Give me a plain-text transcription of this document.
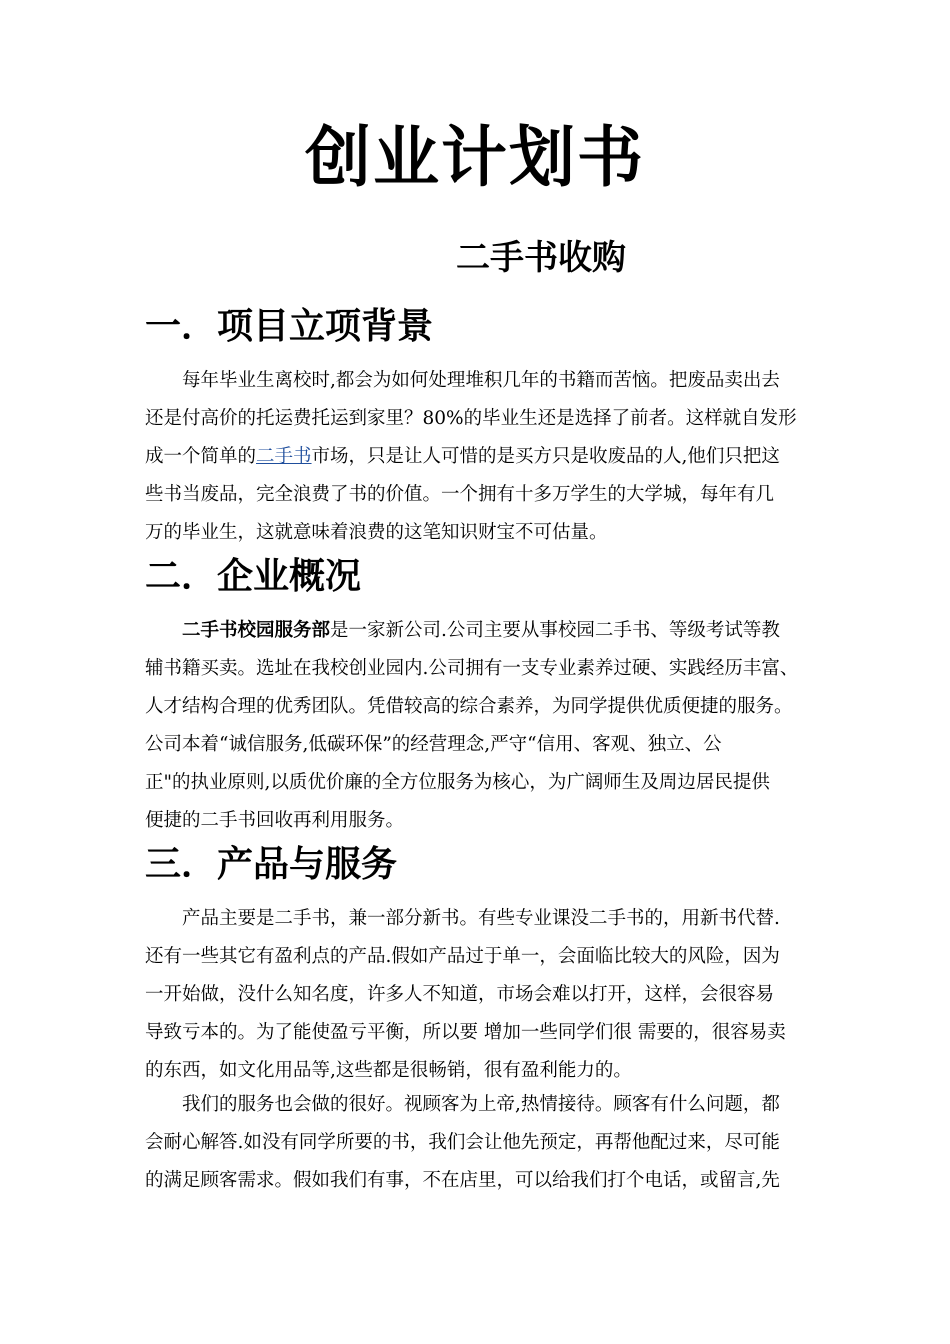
创业计划书
二手书收购
一．项目立项背景
每年毕业生离校时,都会为如何处理堆积几年的书籍而苦恼。把废品卖出去
还是付高价的托运费托运到家里？80%的毕业生还是选择了前者。这样就自发形
成一个简单的二手书市场，只是让人可惜的是买方只是收废品的人,他们只把这
些书当废品，完全浪费了书的价值。一个拥有十多万学生的大学城，每年有几
万的毕业生，这就意味着浪费的这笔知识财宝不可估量。
二．企业概况
二手书校园服务部是一家新公司.公司主要从事校园二手书、等级考试等教
辅书籍买卖。选址在我校创业园内.公司拥有一支专业素养过硬、实践经历丰富、
人才结构合理的优秀团队。凭借较高的综合素养，为同学提供优质便捷的服务。
公司本着“诚信服务,低碳环保”的经营理念,严守“信用、客观、独立、公
正"的执业原则,以质优价廉的全方位服务为核心，为广阔师生及周边居民提供
便捷的二手书回收再利用服务。
三．产品与服务
产品主要是二手书，兼一部分新书。有些专业课没二手书的，用新书代替.
还有一些其它有盈利点的产品.假如产品过于单一，会面临比较大的风险，因为
一开始做，没什么知名度，许多人不知道，市场会难以打开，这样，会很容易
导致亏本的。为了能使盈亏平衡，所以要 增加一些同学们很 需要的，很容易卖
的东西，如文化用品等,这些都是很畅销，很有盈利能力的。
我们的服务也会做的很好。视顾客为上帝,热情接待。顾客有什么问题，都
会耐心解答.如没有同学所要的书，我们会让他先预定，再帮他配过来，尽可能
的满足顾客需求。假如我们有事，不在店里，可以给我们打个电话，或留言,先
